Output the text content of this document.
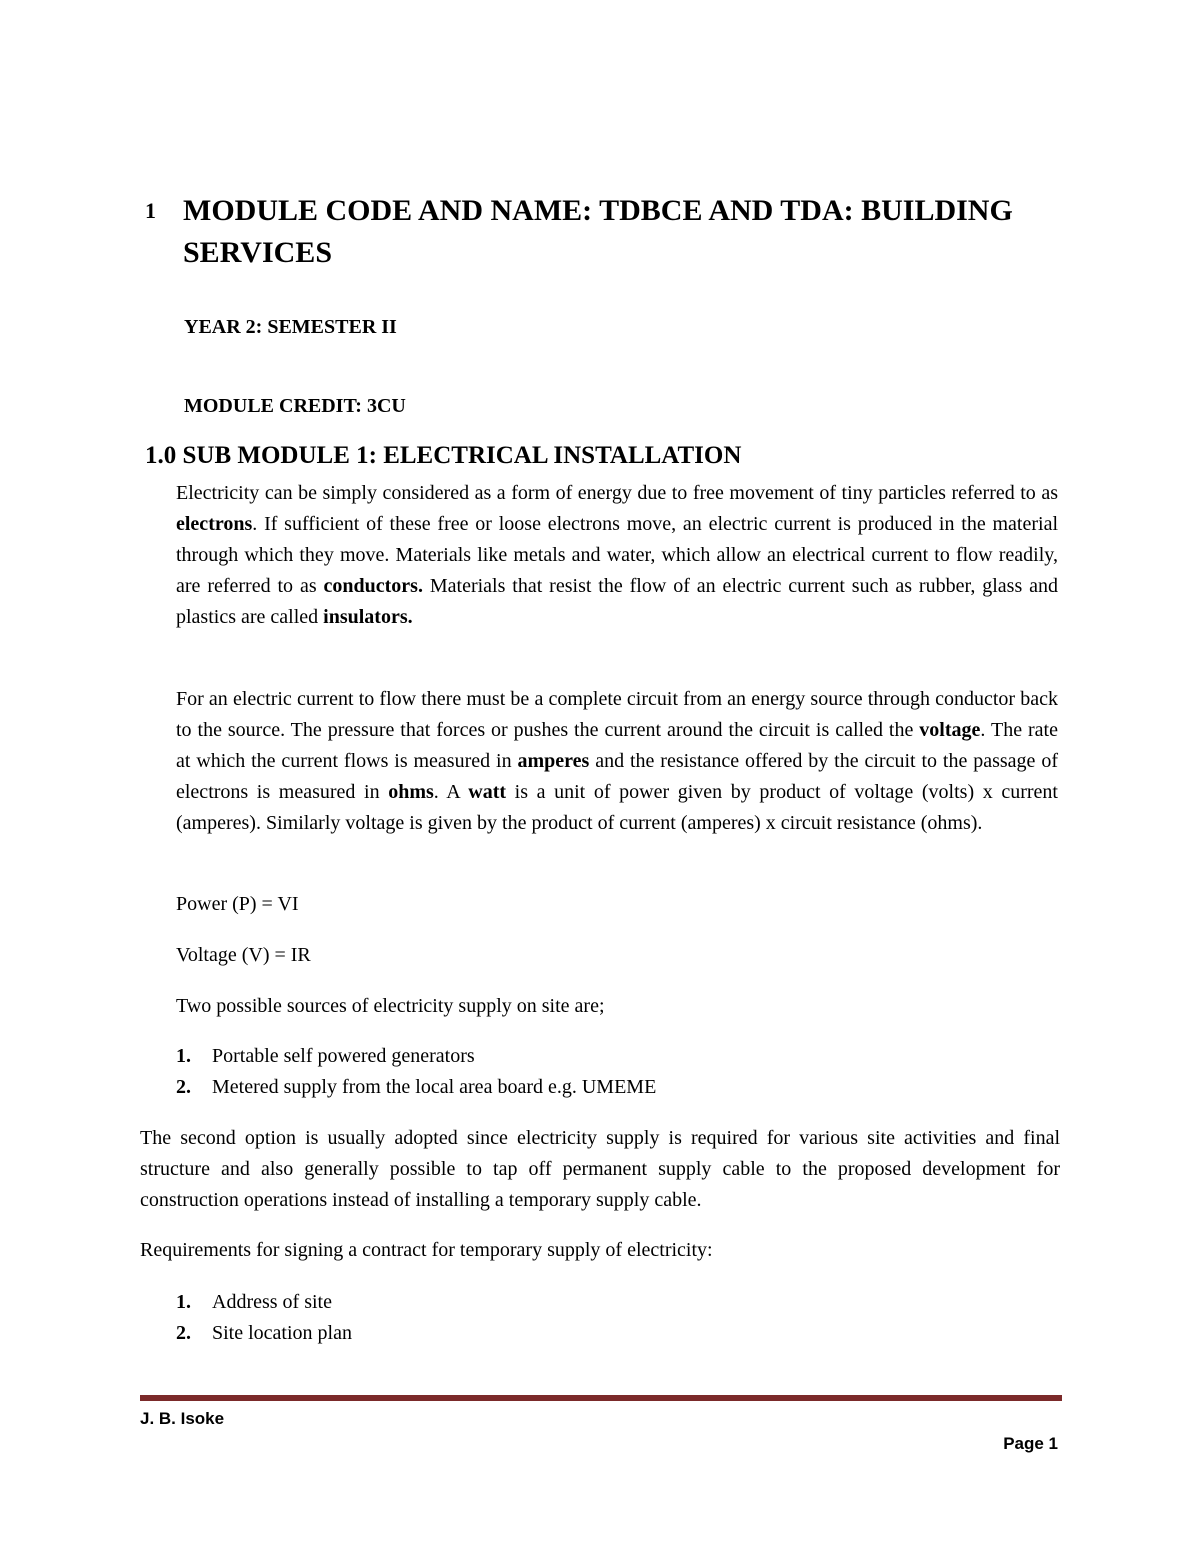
1 MODULE CODE AND NAME: TDBCE AND TDA: BUILDING SERVICES
YEAR 2: SEMESTER II
MODULE CREDIT: 3CU
1.0 SUB MODULE 1: ELECTRICAL INSTALLATION

Electricity can be simply considered as a form of energy due to free movement of tiny particles referred to as electrons. If sufficient of these free or loose electrons move, an electric current is produced in the material through which they move. Materials like metals and water, which allow an electrical current to flow readily, are referred to as conductors. Materials that resist the flow of an electric current such as rubber, glass and plastics are called insulators.

For an electric current to flow there must be a complete circuit from an energy source through conductor back to the source. The pressure that forces or pushes the current around the circuit is called the voltage. The rate at which the current flows is measured in amperes and the resistance offered by the circuit to the passage of electrons is measured in ohms. A watt is a unit of power given by product of voltage (volts) x current (amperes). Similarly voltage is given by the product of current (amperes) x circuit resistance (ohms).

Power (P) = VI
Voltage (V) = IR
Two possible sources of electricity supply on site are;
1.	Portable self powered generators
2.	Metered supply from the local area board e.g. UMEME

The second option is usually adopted since electricity supply is required for various site activities and final structure and also generally possible to tap off permanent supply cable to the proposed development for construction operations instead of installing a temporary supply cable.

Requirements for signing a contract for temporary supply of electricity:
1.	Address of site
2.	Site location plan
J. B. Isoke
Page 1
